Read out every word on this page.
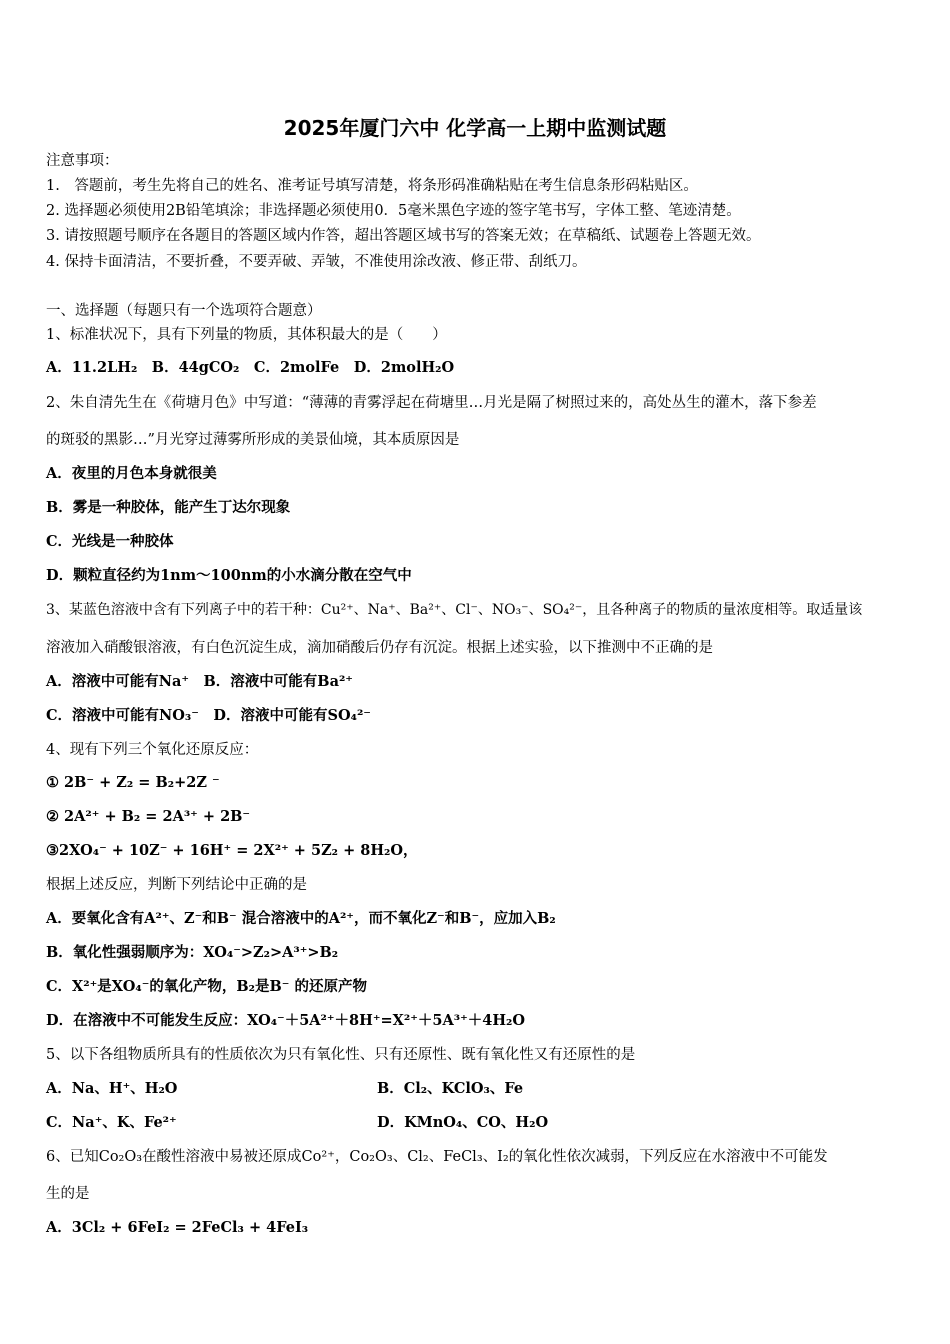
2025年厦门六中 化学高一上期中监测试题
注意事项：
1.　答题前，考生先将自己的姓名、准考证号填写清楚，将条形码准确粘贴在考生信息条形码粘贴区。
2. 选择题必须使用2B铅笔填涂；非选择题必须使用0．5毫米黑色字迹的签字笔书写，字体工整、笔迹清楚。
3. 请按照题号顺序在各题目的答题区域内作答，超出答题区域书写的答案无效；在草稿纸、试题卷上答题无效。
4. 保持卡面清洁，不要折叠，不要弄破、弄皱，不准使用涂改液、修正带、刮纸刀。
一、选择题（每题只有一个选项符合题意）
1、标准状况下，具有下列量的物质，其体积最大的是（　　）
A．11.2LH₂　B．44gCO₂　C．2molFe　D．2molH₂O
2、朱自清先生在《荷塘月色》中写道：“薄薄的青雾浮起在荷塘里…月光是隔了树照过来的，高处丛生的灌木，落下参差
的斑驳的黑影…”月光穿过薄雾所形成的美景仙境，其本质原因是
A．夜里的月色本身就很美
B．雾是一种胶体，能产生丁达尔现象
C．光线是一种胶体
D．颗粒直径约为1nm～100nm的小水滴分散在空气中
3、某蓝色溶液中含有下列离子中的若干种：Cu²⁺、Na⁺、Ba²⁺、Cl⁻、NO₃⁻、SO₄²⁻，且各种离子的物质的量浓度相等。取适量该
溶液加入硝酸银溶液，有白色沉淀生成，滴加硝酸后仍存有沉淀。根据上述实验，以下推测中不正确的是
A．溶液中可能有Na⁺　B．溶液中可能有Ba²⁺
C．溶液中可能有NO₃⁻　D．溶液中可能有SO₄²⁻
4、现有下列三个氧化还原反应：
① 2B⁻ + Z₂ = B₂+2Z ⁻
② 2A²⁺ + B₂ = 2A³⁺ + 2B⁻
③2XO₄⁻ + 10Z⁻ + 16H⁺ = 2X²⁺ + 5Z₂ + 8H₂O，
根据上述反应，判断下列结论中正确的是
A．要氧化含有A²⁺、Z⁻和B⁻ 混合溶液中的A²⁺，而不氧化Z⁻和B⁻，应加入B₂
B．氧化性强弱顺序为：XO₄⁻>Z₂>A³⁺>B₂
C．X²⁺是XO₄⁻的氧化产物，B₂是B⁻ 的还原产物
D．在溶液中不可能发生反应：XO₄⁻＋5A²⁺＋8H⁺=X²⁺＋5A³⁺＋4H₂O
5、以下各组物质所具有的性质依次为只有氧化性、只有还原性、既有氧化性又有还原性的是
A．Na、H⁺、H₂O	B．Cl₂、KClO₃、Fe
C．Na⁺、K、Fe²⁺	D．KMnO₄、CO、H₂O
6、已知Co₂O₃在酸性溶液中易被还原成Co²⁺，Co₂O₃、Cl₂、FeCl₃、I₂的氧化性依次减弱，下列反应在水溶液中不可能发
生的是
A．3Cl₂ + 6FeI₂ = 2FeCl₃ + 4FeI₃
